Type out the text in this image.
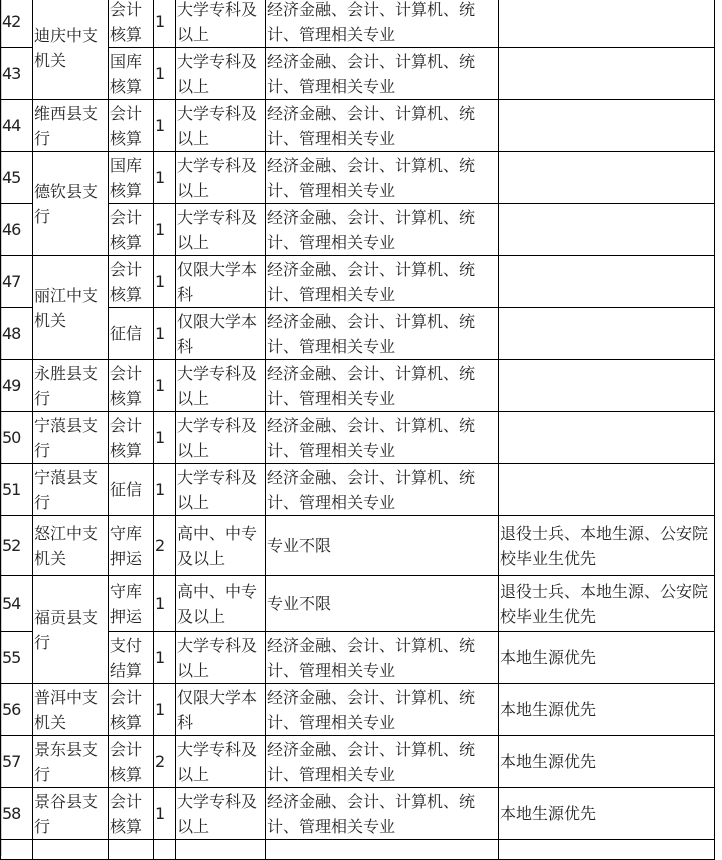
42	迪庆中支机关	会计核算	1	大学专科及以上	经济金融、会计、计算机、统计、管理相关专业	
43		国库核算	1	大学专科及以上	经济金融、会计、计算机、统计、管理相关专业	
44	维西县支行	会计核算	1	大学专科及以上	经济金融、会计、计算机、统计、管理相关专业	
45	德钦县支行	国库核算	1	大学专科及以上	经济金融、会计、计算机、统计、管理相关专业	
46		会计核算	1	大学专科及以上	经济金融、会计、计算机、统计、管理相关专业	
47	丽江中支机关	会计核算	1	仅限大学本科	经济金融、会计、计算机、统计、管理相关专业	
48		征信	1	仅限大学本科	经济金融、会计、计算机、统计、管理相关专业	
49	永胜县支行	会计核算	1	大学专科及以上	经济金融、会计、计算机、统计、管理相关专业	
50	宁蒗县支行	会计核算	1	大学专科及以上	经济金融、会计、计算机、统计、管理相关专业	
51	宁蒗县支行	征信	1	大学专科及以上	经济金融、会计、计算机、统计、管理相关专业	
52	怒江中支机关	守库押运	2	高中、中专及以上	专业不限	退役士兵、本地生源、公安院校毕业生优先
54	福贡县支行	守库押运	1	高中、中专及以上	专业不限	退役士兵、本地生源、公安院校毕业生优先
55		支付结算	1	大学专科及以上	经济金融、会计、计算机、统计、管理相关专业	本地生源优先
56	普洱中支机关	会计核算	1	仅限大学本科	经济金融、会计、计算机、统计、管理相关专业	本地生源优先
57	景东县支行	会计核算	2	大学专科及以上	经济金融、会计、计算机、统计、管理相关专业	本地生源优先
58	景谷县支行	会计核算	1	大学专科及以上	经济金融、会计、计算机、统计、管理相关专业	本地生源优先
